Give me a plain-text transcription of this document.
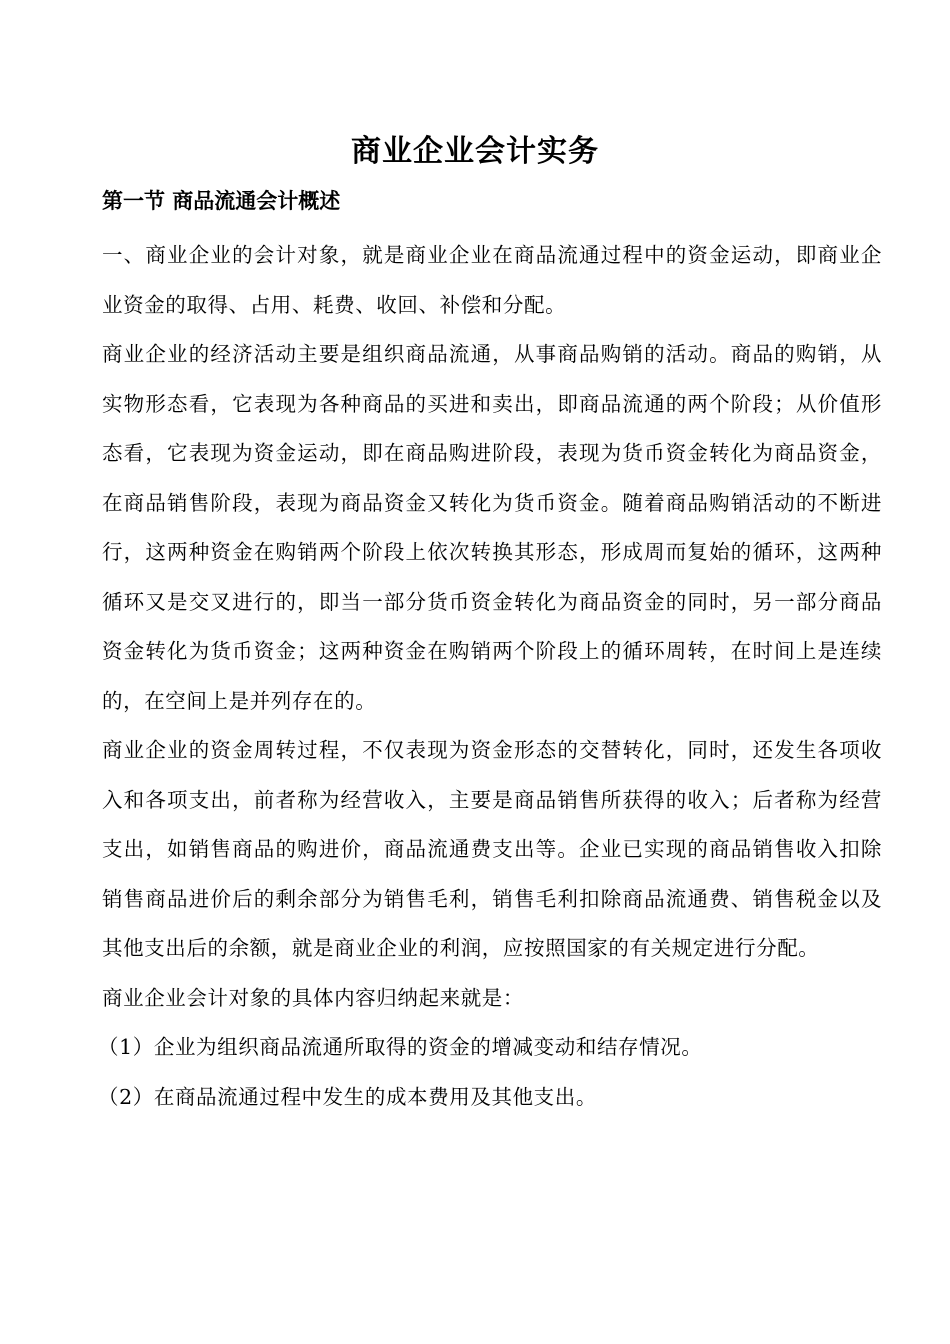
商业企业会计实务
第一节 商品流通会计概述

一、商业企业的会计对象，就是商业企业在商品流通过程中的资金运动，即商业企业资金的取得、占用、耗费、收回、补偿和分配。

商业企业的经济活动主要是组织商品流通，从事商品购销的活动。商品的购销，从实物形态看，它表现为各种商品的买进和卖出，即商品流通的两个阶段；从价值形态看，它表现为资金运动，即在商品购进阶段，表现为货币资金转化为商品资金，在商品销售阶段，表现为商品资金又转化为货币资金。随着商品购销活动的不断进行，这两种资金在购销两个阶段上依次转换其形态，形成周而复始的循环，这两种循环又是交叉进行的，即当一部分货币资金转化为商品资金的同时，另一部分商品资金转化为货币资金；这两种资金在购销两个阶段上的循环周转，在时间上是连续的，在空间上是并列存在的。

商业企业的资金周转过程，不仅表现为资金形态的交替转化，同时，还发生各项收入和各项支出，前者称为经营收入，主要是商品销售所获得的收入；后者称为经营支出，如销售商品的购进价，商品流通费支出等。企业已实现的商品销售收入扣除销售商品进价后的剩余部分为销售毛利，销售毛利扣除商品流通费、销售税金以及其他支出后的余额，就是商业企业的利润，应按照国家的有关规定进行分配。

商业企业会计对象的具体内容归纳起来就是：

（1）企业为组织商品流通所取得的资金的增减变动和结存情况。

（2）在商品流通过程中发生的成本费用及其他支出。
